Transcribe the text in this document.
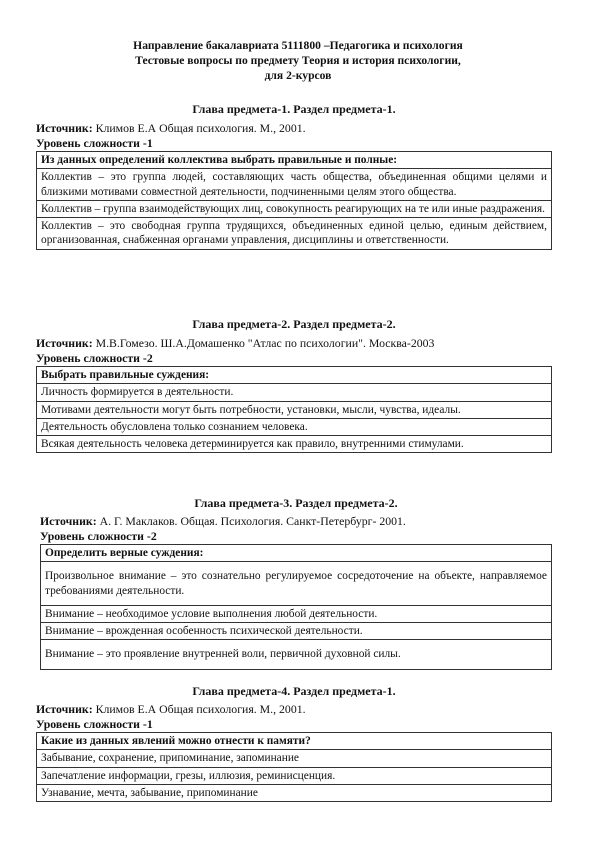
Направление бакалавриата 5111800 –Педагогика и психология
Тестовые вопросы по предмету Теория и история психологии,
для 2-курсов
Глава предмета-1. Раздел предмета-1.
Источник: Климов Е.А Общая психология. М., 2001.
Уровень сложности -1
Из данных определений коллектива выбрать правильные и полные:
Коллектив – это группа людей, составляющих часть общества, объединенная общими целями и близкими мотивами совместной деятельности, подчиненными целям этого общества.
Коллектив – группа взаимодействующих лиц, совокупность реагирующих на те или иные раздражения.
Коллектив – это свободная группа трудящихся, объединенных единой целью, единым действием, организованная, снабженная органами управления, дисциплины и ответственности.
Глава предмета-2. Раздел предмета-2.
Источник: М.В.Гомезо. Ш.А.Домашенко "Атлас по психологии". Москва-2003
Уровень сложности -2
Выбрать правильные суждения:
Личность формируется в деятельности.
Мотивами деятельности могут быть потребности, установки, мысли, чувства, идеалы.
Деятельность обусловлена только сознанием человека.
Всякая деятельность человека детерминируется как правило, внутренними стимулами.
Глава предмета-3. Раздел предмета-2.
Источник: А. Г. Маклаков. Общая. Психология. Санкт-Петербург- 2001.
Уровень сложности -2
Определить верные суждения:
Произвольное внимание – это сознательно регулируемое сосредоточение на объекте, направляемое требованиями деятельности.
Внимание – необходимое условие выполнения любой деятельности.
Внимание – врожденная особенность психической деятельности.
Внимание – это проявление внутренней воли, первичной духовной силы.
Глава предмета-4. Раздел предмета-1.
Источник: Климов Е.А Общая психология. М., 2001.
Уровень сложности -1
Какие из данных явлений можно отнести к памяти?
Забывание, сохранение, припоминание, запоминание
Запечатление информации, грезы, иллюзия, реминисценция.
Узнавание, мечта, забывание, припоминание
